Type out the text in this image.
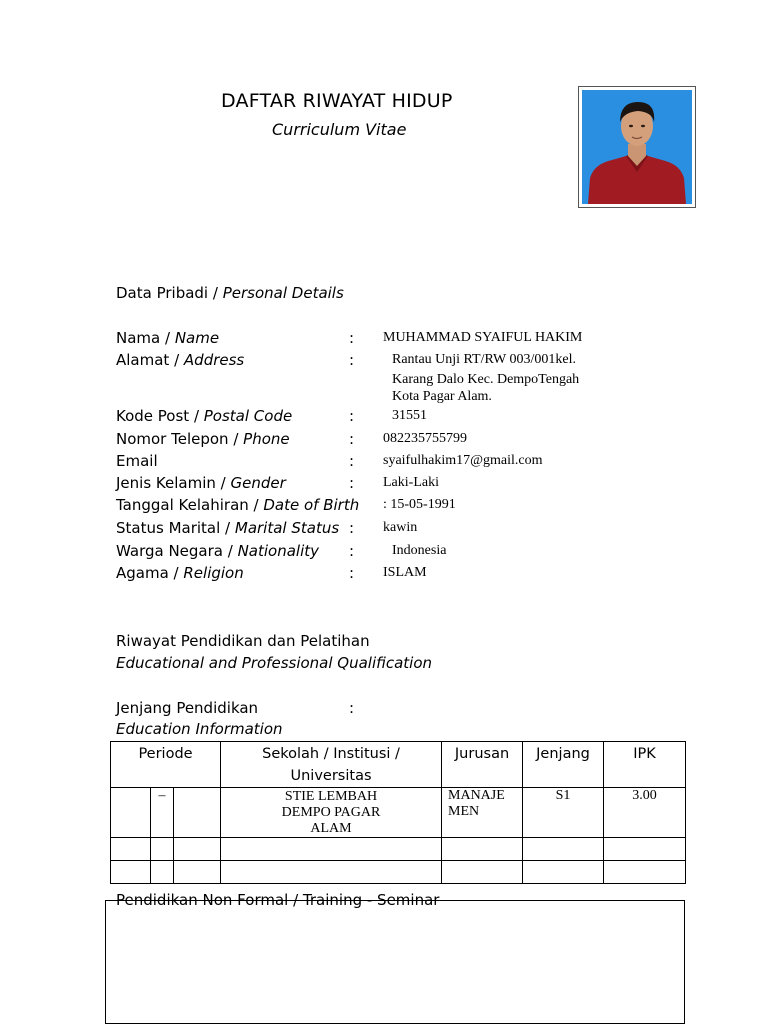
DAFTAR RIWAYAT HIDUP
Curriculum Vitae
Data Pribadi / Personal Details
Nama / Name	: MUHAMMAD SYAIFUL HAKIM
Alamat / Address	:	Rantau Unji RT/RW 003/001kel.
Karang Dalo Kec. DempoTengah
Kota Pagar Alam.
Kode Post / Postal Code	:	31551
Nomor Telepon / Phone	: 082235755799
Email	: syaifulhakim17@gmail.com
Jenis Kelamin / Gender	: Laki-Laki
Tanggal Kelahiran / Date of Birth : 15-05-1991
Status Marital / Marital Status : kawin
Warga Negara / Nationality :	Indonesia
Agama / Religion	: ISLAM
Riwayat Pendidikan dan Pelatihan
Educational and Professional Qualification
Jenjang Pendidikan	:
Education Information
Periode			Sekolah / Institusi / Universitas	Jurusan	Jenjang	IPK
	–		STIE LEMBAH DEMPO PAGAR ALAM	MANAJE MEN	S1	3.00

Pendidikan Non Formal / Training - Seminar
